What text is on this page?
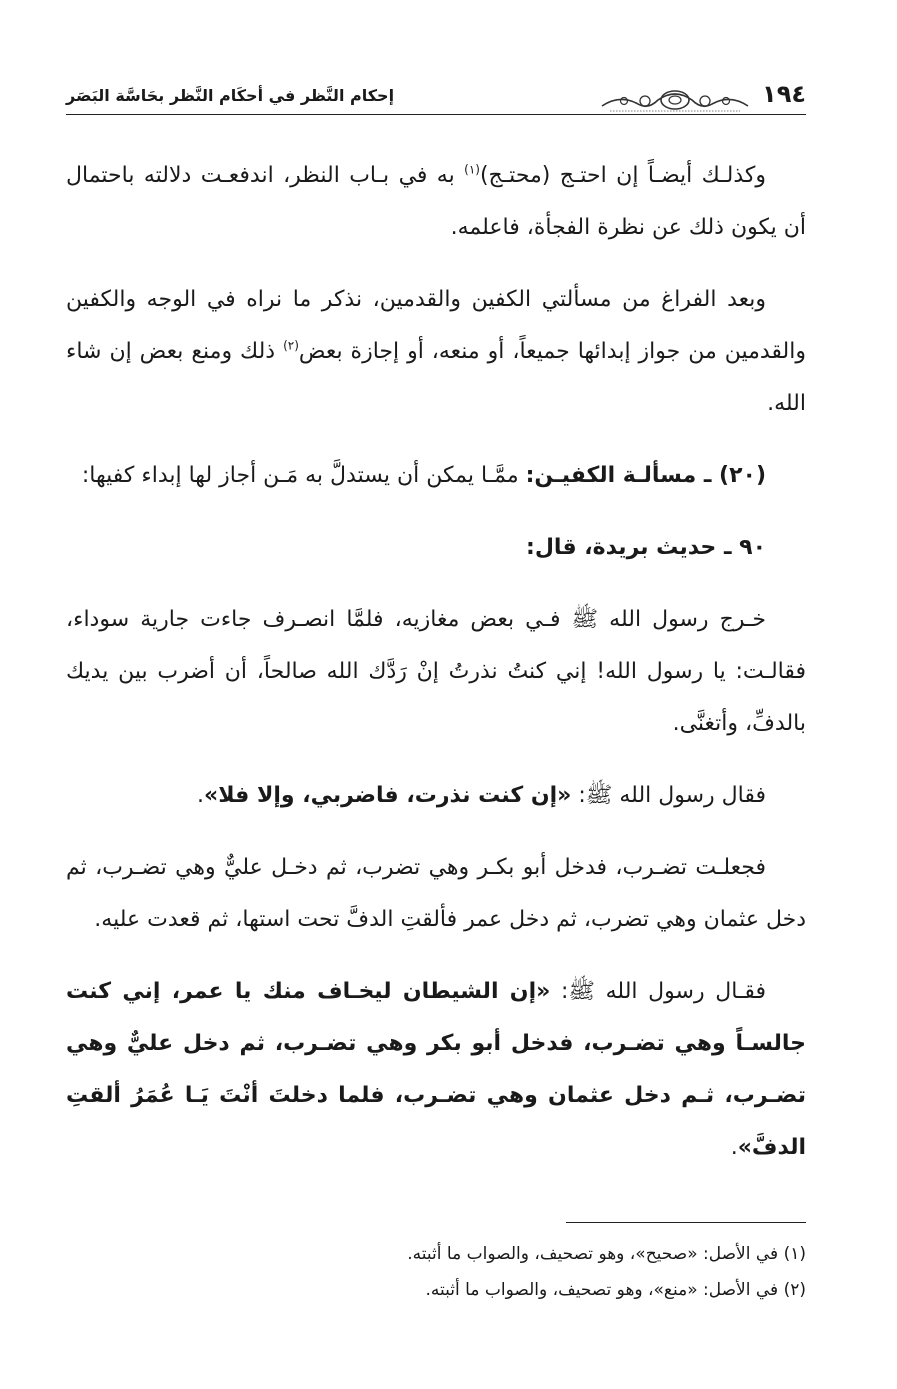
١٩٤
إحكام النَّظر في أحكَام النَّظر بحَاسَّة البَصَر

وكذلـك أيضـاً إن احتـج (محتـج)$^{(١)}$ به في بـاب النظر، اندفعـت دلالته باحتمال أن يكون ذلك عن نظرة الفجأة، فاعلمه.

وبعد الفراغ من مسألتي الكفين والقدمين، نذكر ما نراه في الوجه والكفين والقدمين من جواز إبدائها جميعاً، أو منعه، أو إجازة بعض$^{(٢)}$ ذلك ومنع بعض إن شاء الله.

(٢٠) ـ مسألـة الكفيـن: ممَّـا يمكن أن يستدلَّ به مَـن أجاز لها إبداء كفيها:

٩٠ ـ حديث بريدة، قال:

خـرج رسول الله ﷺ فـي بعض مغازيه، فلمَّا انصـرف جاءت جارية سوداء، فقالـت: يا رسول الله! إني كنتُ نذرتُ إنْ رَدَّك الله صالحاً، أن أضرب بين يديك بالدفِّ، وأتغنَّى.

فقال رسول الله ﷺ: «إن كنت نذرت، فاضربي، وإلا فلا».

فجعلـت تضـرب، فدخل أبو بكـر وهي تضرب، ثم دخـل عليٌّ وهي تضـرب، ثم دخل عثمان وهي تضرب، ثم دخل عمر فألقتِ الدفَّ تحت استها، ثم قعدت عليه.

فقـال رسول الله ﷺ: «إن الشيطان ليخـاف منك يا عمر، إني كنت جالسـاً وهي تضـرب، فدخل أبو بكر وهي تضـرب، ثم دخل عليٌّ وهي تضـرب، ثـم دخل عثمان وهي تضـرب، فلما دخلتَ أنْتَ يَـا عُمَرُ ألقتِ الدفَّ».

(١) في الأصل: «صحيح»، وهو تصحيف، والصواب ما أثبته.

(٢) في الأصل: «منع»، وهو تصحيف، والصواب ما أثبته.
